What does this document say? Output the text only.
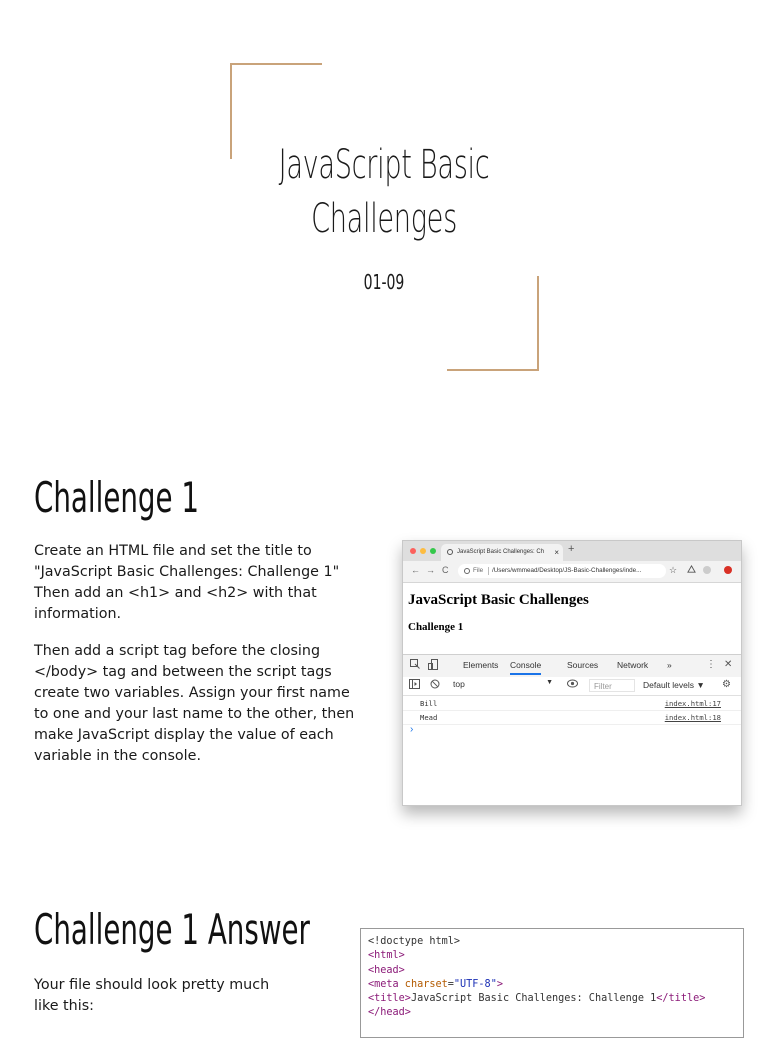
JavaScript Basic
Challenges
01-09
Challenge 1

Create an HTML file and set the title to "JavaScript Basic Challenges: Challenge 1" Then add an <h1> and <h2> with that information.

Then add a script tag before the closing </body> tag and between the script tags create two variables. Assign your first name to one and your last name to the other, then make JavaScript display the value of each variable in the console.

JavaScript Basic Challenges: Ch × +
← → C	File /Users/wmmead/Desktop/JS-Basic-Challenges/inde...	☆
JavaScript Basic Challenges
Challenge 1
Elements Console	Sources Network »	⋮ ✕
top	▼	Filter	Default levels ▼ ⚙
Bill	index.html:17
Mead	index.html:18
›
Challenge 1 Answer

Your file should look pretty much like this:

<!doctype html>
<html>
<head>
<meta charset="UTF-8">
<title>JavaScript Basic Challenges: Challenge 1</title>
</head>
